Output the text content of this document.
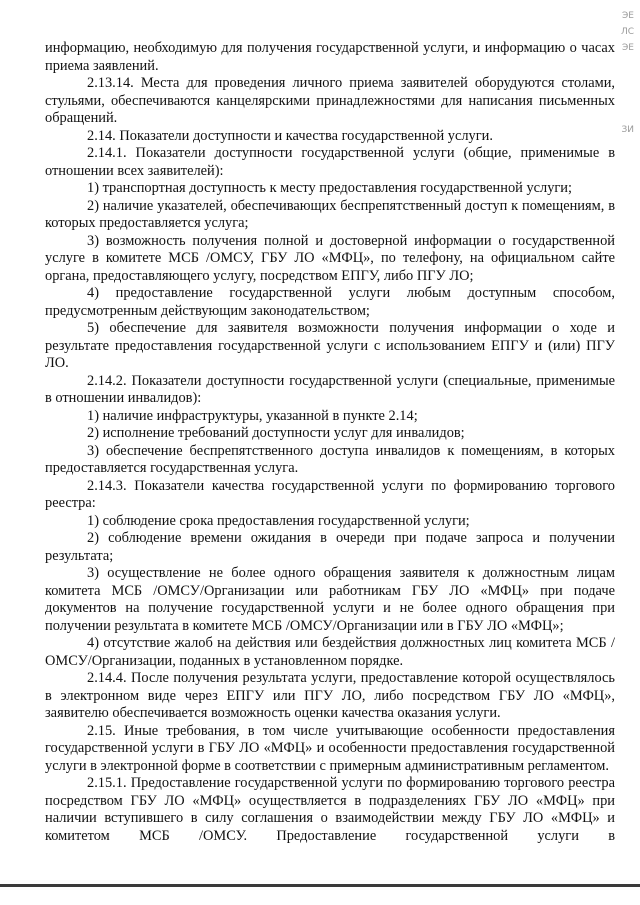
информацию, необходимую для получения государственной услуги, и информацию о часах приема заявлений.

2.13.14. Места для проведения личного приема заявителей оборудуются столами, стульями, обеспечиваются канцелярскими принадлежностями для написания письменных обращений.

2.14. Показатели доступности и качества государственной услуги.

2.14.1. Показатели доступности государственной услуги (общие, применимые в отношении всех заявителей):

1) транспортная доступность к месту предоставления государственной услуги;

2) наличие указателей, обеспечивающих беспрепятственный доступ к помещениям, в которых предоставляется услуга;

3) возможность получения полной и достоверной информации о государственной услуге в комитете МСБ /ОМСУ, ГБУ ЛО «МФЦ», по телефону, на официальном сайте органа, предоставляющего услугу, посредством ЕПГУ, либо ПГУ ЛО;

4) предоставление государственной услуги любым доступным способом, предусмотренным действующим законодательством;

5) обеспечение для заявителя возможности получения информации о ходе и результате предоставления государственной услуги с использованием ЕПГУ и (или) ПГУ ЛО.

2.14.2. Показатели доступности государственной услуги (специальные, применимые в отношении инвалидов):

1) наличие инфраструктуры, указанной в пункте 2.14;

2) исполнение требований доступности услуг для инвалидов;

3) обеспечение беспрепятственного доступа инвалидов к помещениям, в которых предоставляется государственная услуга.

2.14.3. Показатели качества государственной услуги по формированию торгового реестра:

1) соблюдение срока предоставления государственной услуги;

2) соблюдение времени ожидания в очереди при подаче запроса и получении результата;

3) осуществление не более одного обращения заявителя к должностным лицам комитета МСБ /ОМСУ/Организации или работникам ГБУ ЛО «МФЦ» при подаче документов на получение государственной услуги и не более одного обращения при получении результата в комитете МСБ /ОМСУ/Организации или в ГБУ ЛО «МФЦ»;

4) отсутствие жалоб на действия или бездействия должностных лиц комитета МСБ /ОМСУ/Организации, поданных в установленном порядке.

2.14.4. После получения результата услуги, предоставление которой осуществлялось в электронном виде через ЕПГУ или ПГУ ЛО, либо посредством ГБУ ЛО «МФЦ», заявителю обеспечивается возможность оценки качества оказания услуги.

2.15. Иные требования, в том числе учитывающие особенности предоставления государственной услуги в ГБУ ЛО «МФЦ» и особенности предоставления государственной услуги в электронной форме в соответствии с примерным административным регламентом.

2.15.1. Предоставление государственной услуги по формированию торгового реестра посредством ГБУ ЛО «МФЦ» осуществляется в подразделениях ГБУ ЛО «МФЦ» при наличии вступившего в силу соглашения о взаимодействии между ГБУ ЛО «МФЦ» и комитетом МСБ /ОМСУ. Предоставление государственной услуги в

ЭЕ
ЛС
ЭЕ
ЗИ
